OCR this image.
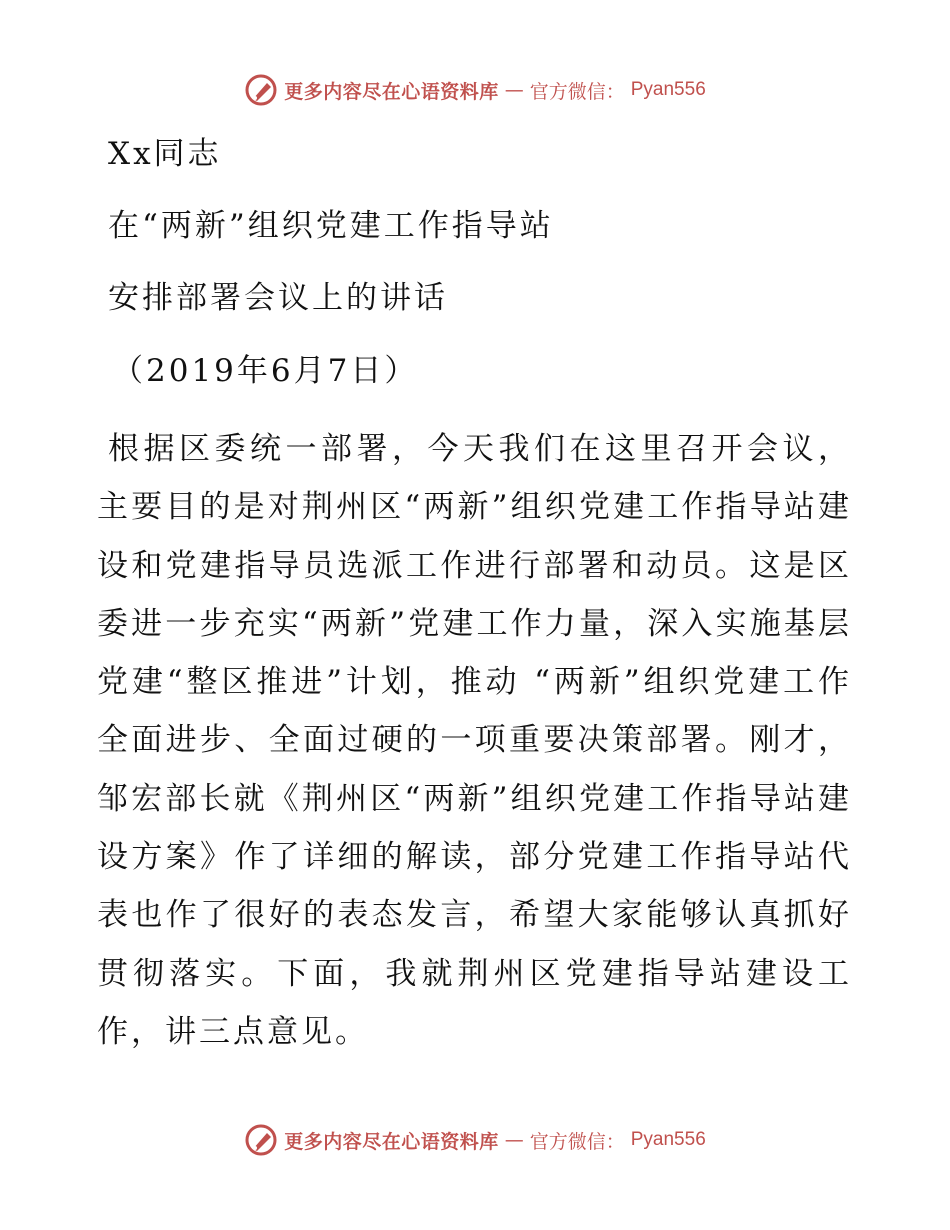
更多内容尽在心语资料库 — 官方微信： Pyan556
Xx同志
在“两新”组织党建工作指导站
安排部署会议上的讲话
（2019年6月7日）
根据区委统一部署，今天我们在这里召开会议，主要目的是对荆州区“两新”组织党建工作指导站建设和党建指导员选派工作进行部署和动员。这是区委进一步充实“两新”党建工作力量，深入实施基层党建“整区推进”计划，推动 “两新”组织党建工作全面进步、全面过硬的一项重要决策部署。刚才，邹宏部长就《荆州区“两新”组织党建工作指导站建设方案》作了详细的解读，部分党建工作指导站代表也作了很好的表态发言，希望大家能够认真抓好贯彻落实。下面，我就荆州区党建指导站建设工作，讲三点意见。
更多内容尽在心语资料库 — 官方微信： Pyan556
